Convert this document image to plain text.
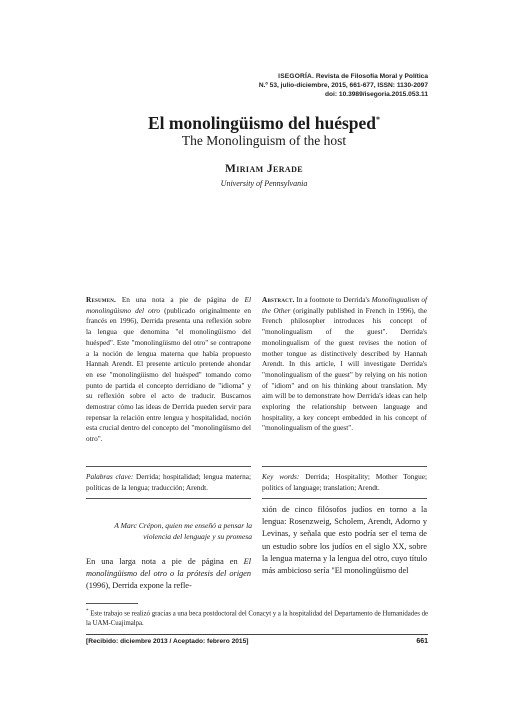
ISEGORÍA. Revista de Filosofía Moral y Política
N.º 53, julio-diciembre, 2015, 661-677, ISSN: 1130-2097
doi: 10.3989/isegoria.2015.053.11
El monolingüismo del huésped*
The Monolinguism of the host
Miriam Jerade
University of Pennsylvania
Resumen. En una nota a pie de página de El monolingüismo del otro (publicado originalmente en francés en 1996), Derrida presenta una reflexión sobre la lengua que denomina "el monolingüismo del huésped". Este "monolingüismo del otro" se contrapone a la noción de lengua materna que había propuesto Hannah Arendt. El presente artículo pretende ahondar en ese "monolingüismo del huésped" tomando como punto de partida el concepto derridiano de "idioma" y su reflexión sobre el acto de traducir. Buscamos demostrar cómo las ideas de Derrida pueden servir para repensar la relación entre lengua y hospitalidad, noción esta crucial dentro del concepto del "monolingüismo del otro".
Abstract. In a footnote to Derrida's Monolingualism of the Other (originally published in French in 1996), the French philosopher introduces his concept of "monolingualism of the guest". Derrida's monolingualism of the guest revises the notion of mother tongue as distinctively described by Hannah Arendt. In this article, I will investigate Derrida's "monolingualism of the guest" by relying on his notion of "idiom" and on his thinking about translation. My aim will be to demonstrate how Derrida's ideas can help exploring the relationship between language and hospitality, a key concept embedded in his concept of "monolingualism of the guest".
Palabras clave: Derrida; hospitalidad; lengua materna; políticas de la lengua; traducción; Arendt.
Key words: Derrida; Hospitality; Mother Tongue; politics of language; translation; Arendt.
A Marc Crépon, quien me enseñó a pensar la violencia del lenguaje y su promesa
En una larga nota a pie de página en El monolingüismo del otro o la prótesis del origen (1996), Derrida expone la refle-
xión de cinco filósofos judíos en torno a la lengua: Rosenzweig, Scholem, Arendt, Adorno y Levinas, y señala que esto podría ser el tema de un estudio sobre los judíos en el siglo XX, sobre la lengua materna y la lengua del otro, cuyo título más ambicioso sería "El monolingüismo del
* Este trabajo se realizó gracias a una beca postdoctoral del Conacyt y a la hospitalidad del Departamento de Humanidades de la UAM-Cuajimalpa.
[Recibido: diciembre 2013 / Aceptado: febrero 2015]	661
